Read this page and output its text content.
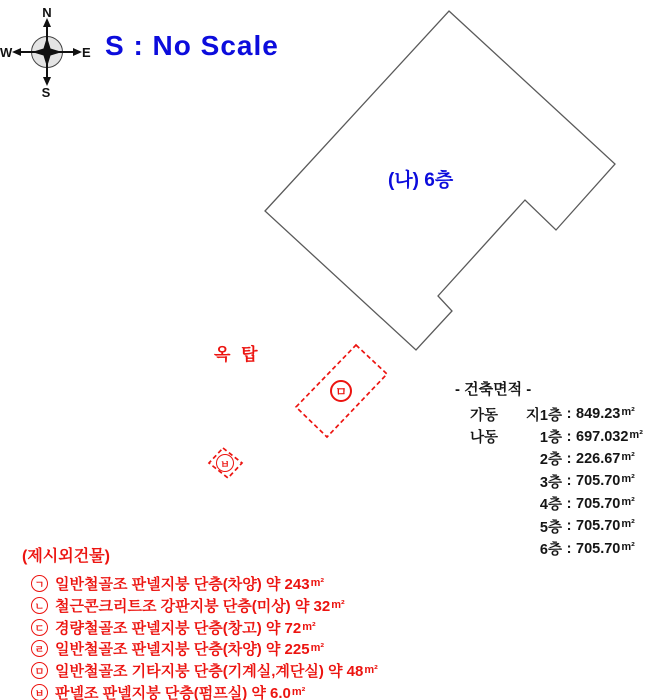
N
S
W	E S : No Scale
(나) 6층
옥 탑
ㅁ
ㅂ
- 건축면적 -
가동	지1층 : $849.23^{m^2}$
나동	1층 : $697.032^{m^2}$
2층 : $226.67^{m^2}$
3층 : $705.70^{m^2}$
4층 : $705.70^{m^2}$
5층 : $705.70^{m^2}$
6층 : $705.70^{m^2}$
(제시외건물)
ㄱ 일반철골조 판넬지붕 단층(차양) 약 $243^{m^2}$
ㄴ 철근콘크리트조 강판지붕 단층(미상) 약 $32^{m^2}$
ㄷ 경량철골조 판넬지붕 단층(창고) 약 $72^{m^2}$
ㄹ 일반철골조 판넬지붕 단층(차양) 약 $225^{m^2}$
ㅁ 일반철골조 기타지붕 단층(기계실,계단실) 약 $48^{m^2}$
ㅂ 판넬조 판넬지붕 단층(펌프실) 약 $6.0^{m^2}$
